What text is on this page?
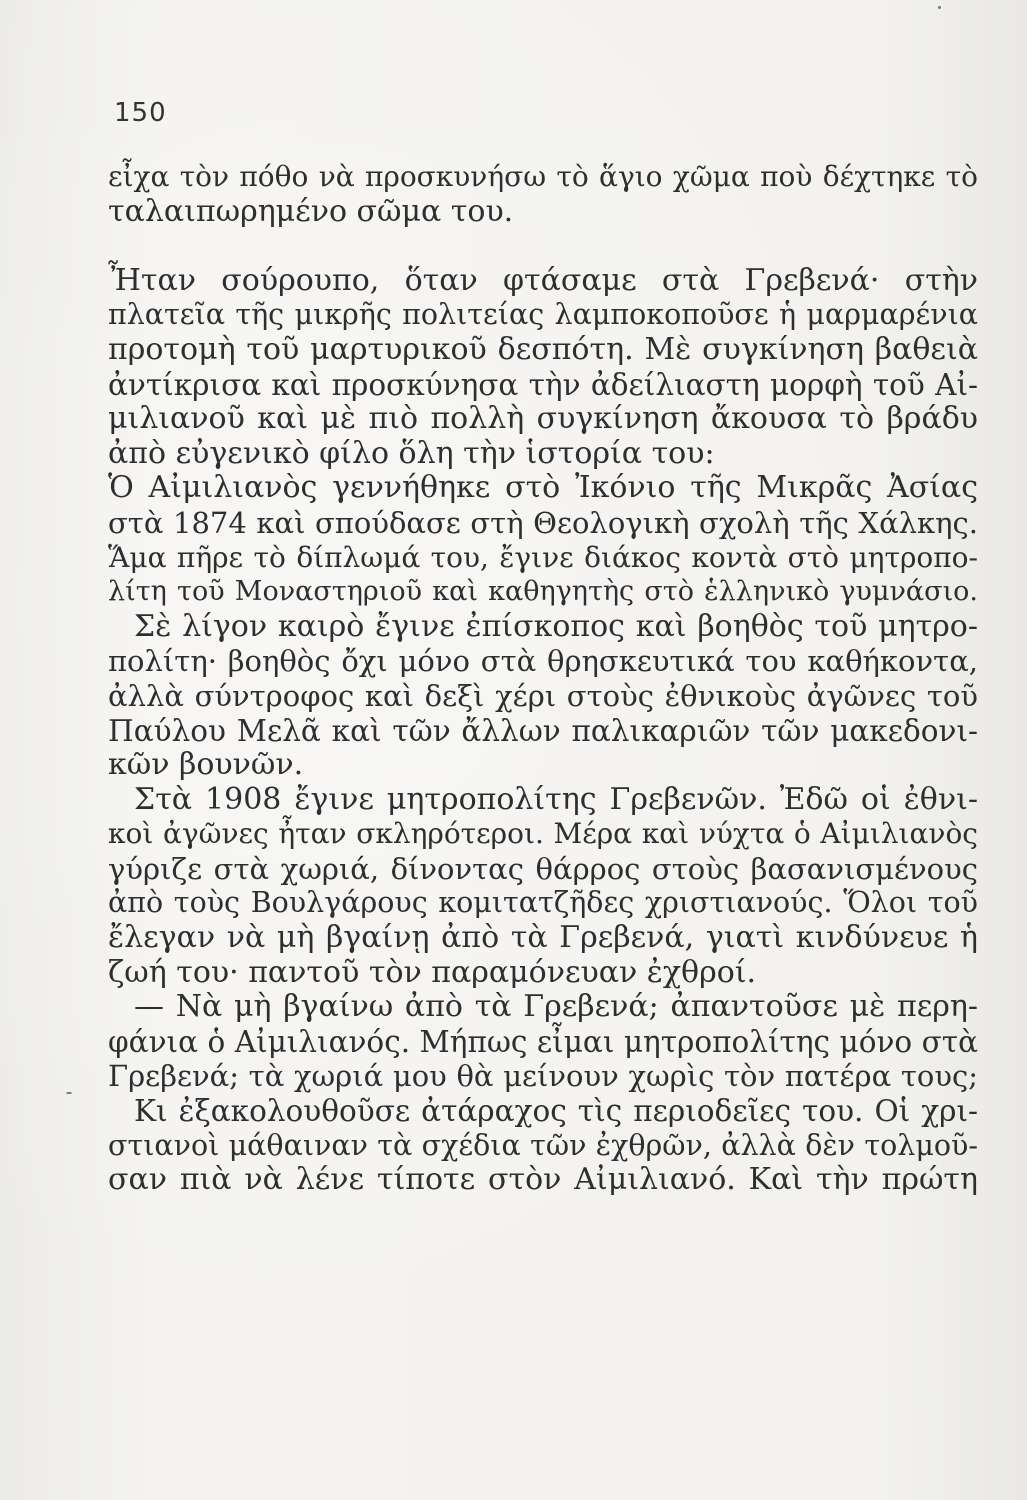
150
εἶχα τὸν πόθο νὰ προσκυνήσω τὸ ἅγιο χῶμα ποὺ δέχτηκε τὸ
ταλαιπωρημένο σῶμα του.
Ἦταν σούρουπο, ὅταν φτάσαμε στὰ Γρεβενά· στὴν
πλατεῖα τῆς μικρῆς πολιτείας λαμποκοποῦσε ἡ μαρμαρένια
προτομὴ τοῦ μαρτυρικοῦ δεσπότη. Μὲ συγκίνηση βαθειὰ
ἀντίκρισα καὶ προσκύνησα τὴν ἀδείλιαστη μορφὴ τοῦ Αἰ-
μιλιανοῦ καὶ μὲ πιὸ πολλὴ συγκίνηση ἄκουσα τὸ βράδυ
ἀπὸ εὐγενικὸ φίλο ὅλη τὴν ἱστορία του:
Ὁ Αἰμιλιανὸς γεννήθηκε στὸ Ἰκόνιο τῆς Μικρᾶς Ἀσίας
στὰ 1874 καὶ σπούδασε στὴ Θεολογικὴ σχολὴ τῆς Χάλκης.
Ἅμα πῆρε τὸ δίπλωμά του, ἔγινε διάκος κοντὰ στὸ μητροπο-
λίτη τοῦ Μοναστηριοῦ καὶ καθηγητὴς στὸ ἑλληνικὸ γυμνάσιο.
Σὲ λίγον καιρὸ ἔγινε ἐπίσκοπος καὶ βοηθὸς τοῦ μητρο-
πολίτη· βοηθὸς ὄχι μόνο στὰ θρησκευτικά του καθήκοντα,
ἀλλὰ σύντροφος καὶ δεξὶ χέρι στοὺς ἐθνικοὺς ἀγῶνες τοῦ
Παύλου Μελᾶ καὶ τῶν ἄλλων παλικαριῶν τῶν μακεδονι-
κῶν βουνῶν.
Στὰ 1908 ἔγινε μητροπολίτης Γρεβενῶν. Ἐδῶ οἱ ἐθνι-
κοὶ ἀγῶνες ἦταν σκληρότεροι. Μέρα καὶ νύχτα ὁ Αἰμιλιανὸς
γύριζε στὰ χωριά, δίνοντας θάρρος στοὺς βασανισμένους
ἀπὸ τοὺς Βουλγάρους κομιτατζῆδες χριστιανούς. Ὅλοι τοῦ
ἔλεγαν νὰ μὴ βγαίνῃ ἀπὸ τὰ Γρεβενά, γιατὶ κινδύνευε ἡ
ζωή του· παντοῦ τὸν παραμόνευαν ἐχθροί.
— Νὰ μὴ βγαίνω ἀπὸ τὰ Γρεβενά; ἀπαντοῦσε μὲ περη-
φάνια ὁ Αἰμιλιανός. Μήπως εἶμαι μητροπολίτης μόνο στὰ
Γρεβενά; τὰ χωριά μου θὰ μείνουν χωρὶς τὸν πατέρα τους;
Κι ἐξακολουθοῦσε ἀτάραχος τὶς περιοδεῖες του. Οἱ χρι-
στιανοὶ μάθαιναν τὰ σχέδια τῶν ἐχθρῶν, ἀλλὰ δὲν τολμοῦ-
σαν πιὰ νὰ λένε τίποτε στὸν Αἰμιλιανό. Καὶ τὴν πρώτη
